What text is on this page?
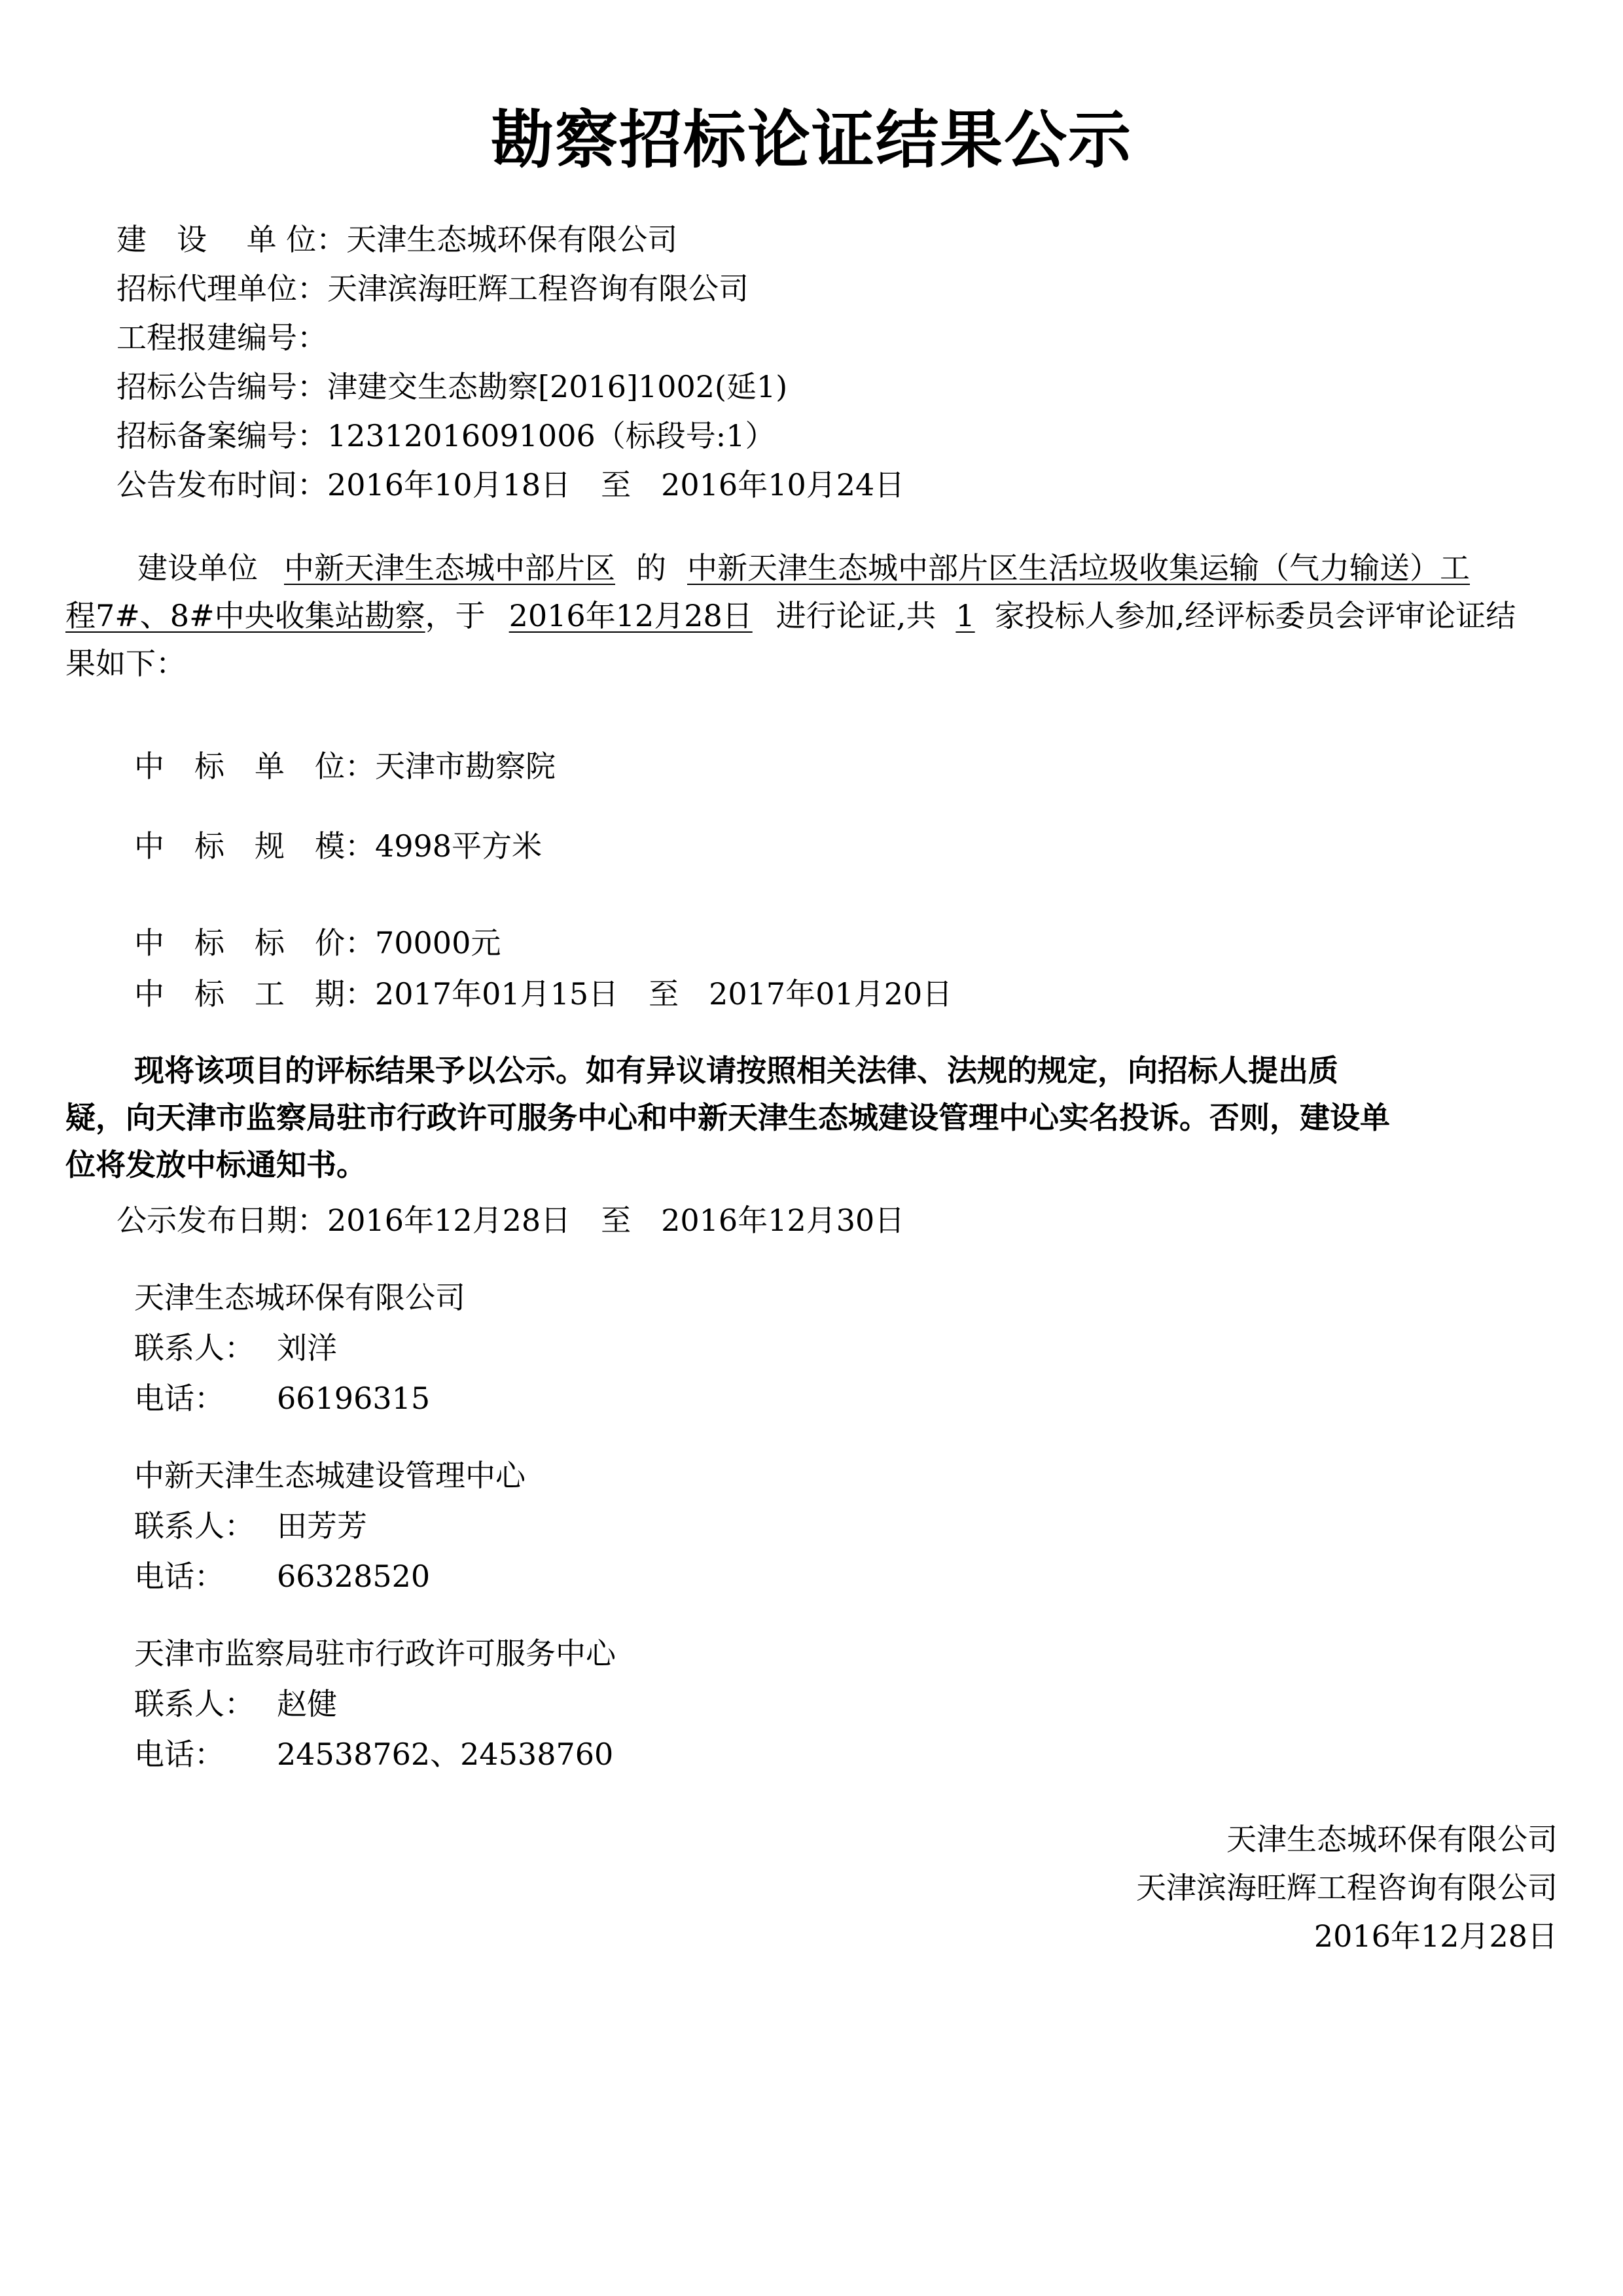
勘察招标论证结果公示
建　设　 单 位：天津生态城环保有限公司
招标代理单位：天津滨海旺辉工程咨询有限公司
工程报建编号：
招标公告编号：津建交生态勘察[2016]1002(延1)
招标备案编号：12312016091006（标段号:1）
公告发布时间：2016年10月18日　至　2016年10月24日
建设单位 中新天津生态城中部片区 的 中新天津生态城中部片区生活垃圾收集运输（气力输送）工
程7#、8#中央收集站勘察，于 2016年12月28日 进行论证,共 1 家投标人参加,经评标委员会评审论证结
果如下：
中　标　单　位：天津市勘察院
中　标　规　模：4998平方米
中　标　标　价：70000元
中　标　工　期：2017年01月15日　至　2017年01月20日
现将该项目的评标结果予以公示。如有异议请按照相关法律、法规的规定，向招标人提出质
疑，向天津市监察局驻市行政许可服务中心和中新天津生态城建设管理中心实名投诉。否则，建设单
位将发放中标通知书。
公示发布日期：2016年12月28日　至　2016年12月30日
天津生态城环保有限公司
联系人： 刘洋
电话： 66196315
中新天津生态城建设管理中心
联系人： 田芳芳
电话： 66328520
天津市监察局驻市行政许可服务中心
联系人： 赵健
电话： 24538762、24538760
天津生态城环保有限公司
天津滨海旺辉工程咨询有限公司
2016年12月28日
